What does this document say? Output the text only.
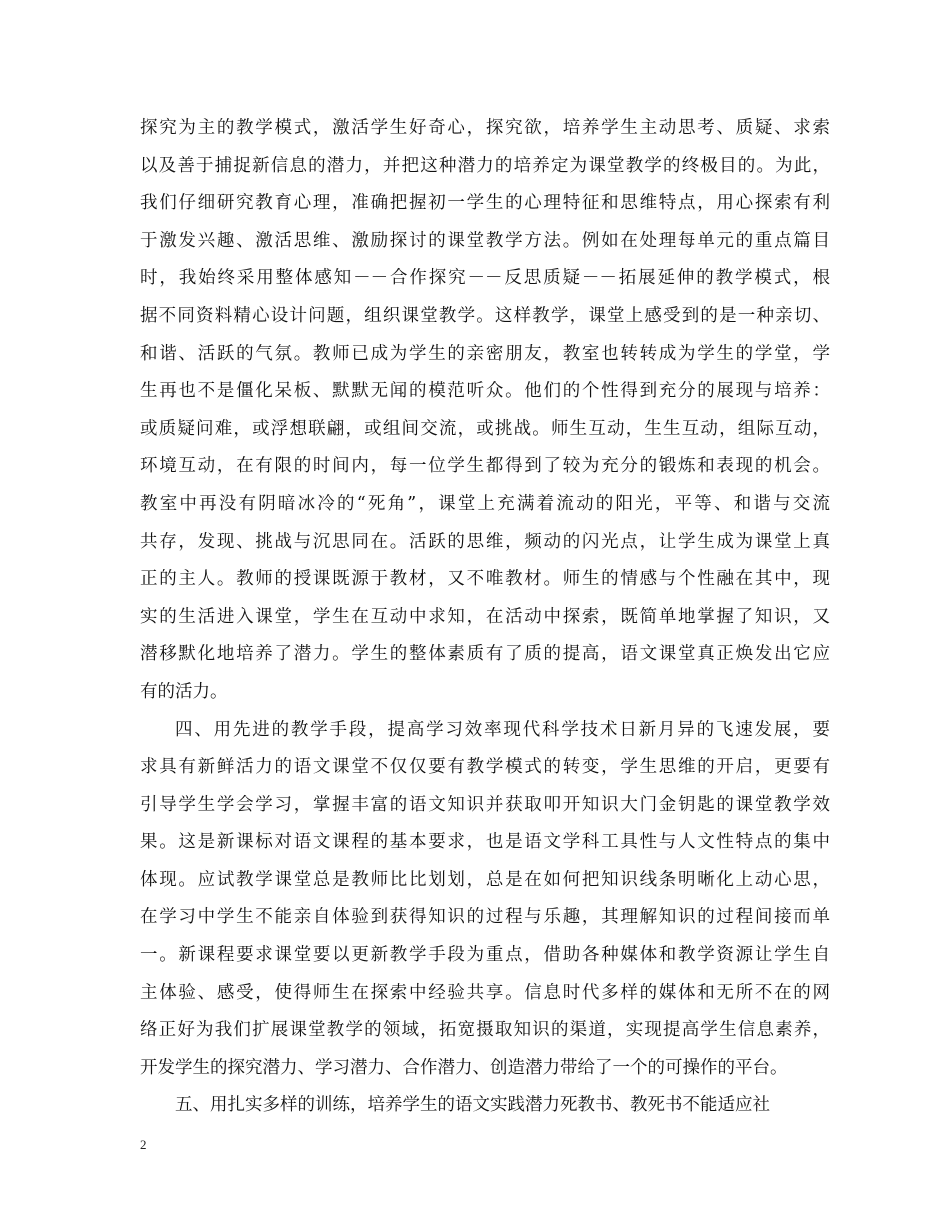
探究为主的教学模式，激活学生好奇心，探究欲，培养学生主动思考、质疑、求索
以及善于捕捉新信息的潜力，并把这种潜力的培养定为课堂教学的终极目的。为此，
我们仔细研究教育心理，准确把握初一学生的心理特征和思维特点，用心探索有利
于激发兴趣、激活思维、激励探讨的课堂教学方法。例如在处理每单元的重点篇目
时，我始终采用整体感知－－合作探究－－反思质疑－－拓展延伸的教学模式，根
据不同资料精心设计问题，组织课堂教学。这样教学，课堂上感受到的是一种亲切、
和谐、活跃的气氛。教师已成为学生的亲密朋友，教室也转转成为学生的学堂，学
生再也不是僵化呆板、默默无闻的模范听众。他们的个性得到充分的展现与培养：
或质疑问难，或浮想联翩，或组间交流，或挑战。师生互动，生生互动，组际互动，
环境互动，在有限的时间内，每一位学生都得到了较为充分的锻炼和表现的机会。
教室中再没有阴暗冰冷的“死角”，课堂上充满着流动的阳光，平等、和谐与交流
共存，发现、挑战与沉思同在。活跃的思维，频动的闪光点，让学生成为课堂上真
正的主人。教师的授课既源于教材，又不唯教材。师生的情感与个性融在其中，现
实的生活进入课堂，学生在互动中求知，在活动中探索，既简单地掌握了知识，又
潜移默化地培养了潜力。学生的整体素质有了质的提高，语文课堂真正焕发出它应
有的活力。
四、用先进的教学手段，提高学习效率现代科学技术日新月异的飞速发展，要
求具有新鲜活力的语文课堂不仅仅要有教学模式的转变，学生思维的开启，更要有
引导学生学会学习，掌握丰富的语文知识并获取叩开知识大门金钥匙的课堂教学效
果。这是新课标对语文课程的基本要求，也是语文学科工具性与人文性特点的集中
体现。应试教学课堂总是教师比比划划，总是在如何把知识线条明晰化上动心思，
在学习中学生不能亲自体验到获得知识的过程与乐趣，其理解知识的过程间接而单
一。新课程要求课堂要以更新教学手段为重点，借助各种媒体和教学资源让学生自
主体验、感受，使得师生在探索中经验共享。信息时代多样的媒体和无所不在的网
络正好为我们扩展课堂教学的领域，拓宽摄取知识的渠道，实现提高学生信息素养，
开发学生的探究潜力、学习潜力、合作潜力、创造潜力带给了一个的可操作的平台。
五、用扎实多样的训练，培养学生的语文实践潜力死教书、教死书不能适应社
2
